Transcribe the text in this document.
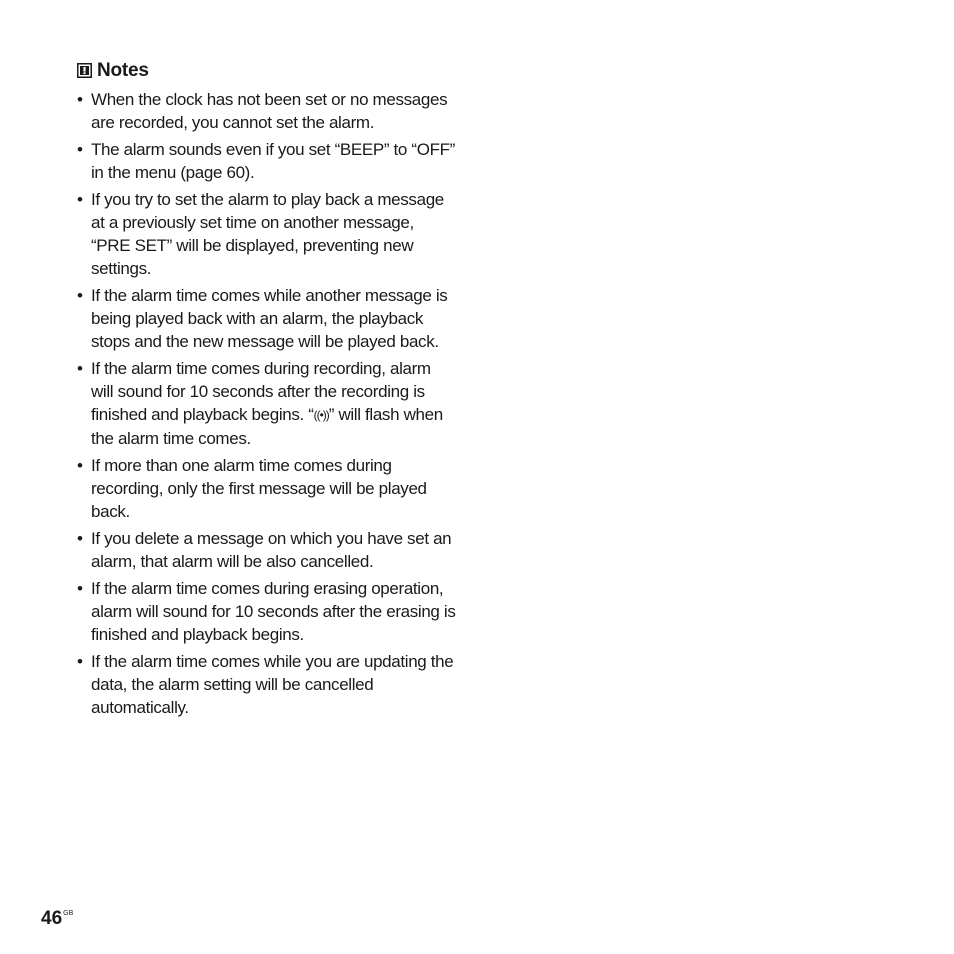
Notes
• When the clock has not been set or no messages are recorded, you cannot set the alarm.
• The alarm sounds even if you set “BEEP” to “OFF” in the menu (page 60).
• If you try to set the alarm to play back a message at a previously set time on another message, “PRE SET” will be displayed, preventing new settings.
• If the alarm time comes while another message is being played back with an alarm, the playback stops and the new message will be played back.
• If the alarm time comes during recording, alarm will sound for 10 seconds after the recording is finished and playback begins. “((•))” will flash when the alarm time comes.
• If more than one alarm time comes during recording, only the first message will be played back.
• If you delete a message on which you have set an alarm, that alarm will be also cancelled.
• If the alarm time comes during erasing operation, alarm will sound for 10 seconds after the erasing is finished and playback begins.
• If the alarm time comes while you are updating the data, the alarm setting will be cancelled automatically.
$46^{GB}$
